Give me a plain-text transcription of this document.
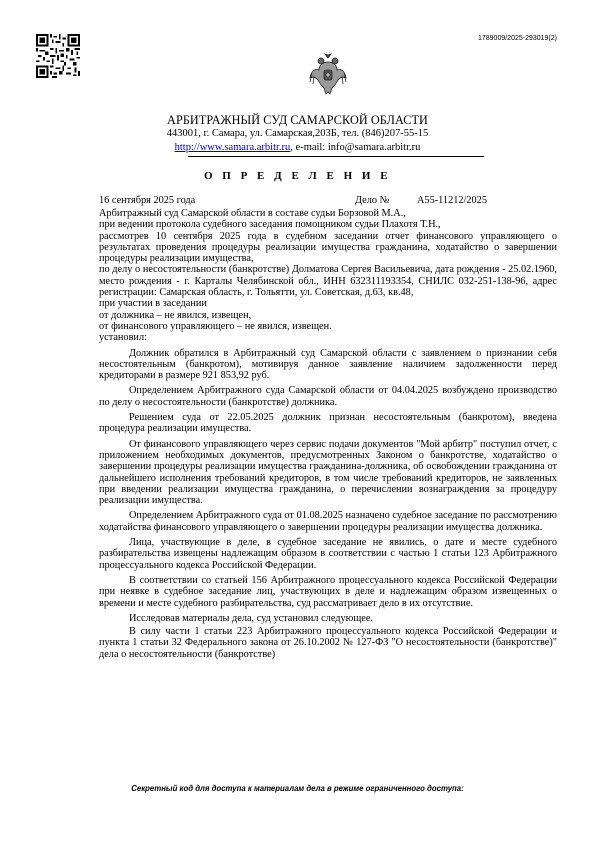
1789009/2025-293019(2)
АРБИТРАЖНЫЙ СУД САМАРСКОЙ ОБЛАСТИ
443001, г. Самара, ул. Самарская,203Б, тел. (846)207-55-15
http://www.samara.arbitr.ru, e-mail: info@samara.arbitr.ru
О П Р Е Д Е Л Е Н И Е
16 сентября 2025 года	Дело №	А55-11212/2025

Арбитражный суд Самарской области в составе судьи Борзовой М.А.,

при ведении протокола судебного заседания помощником судьи Плахотя Т.Н.,

рассмотрев 10 сентября 2025 года в судебном заседании отчет финансового управляющего о результатах проведения процедуры реализации имущества гражданина, ходатайство о завершении процедуры реализации имущества,

по делу о несостоятельности (банкротстве) Долматова Сергея Васильевича, дата рождения - 25.02.1960, место рождения - г. Карталы Челябинской обл., ИНН 632311193354, СНИЛС 032-251-138-96, адрес регистрации: Самарская область, г. Тольятти, ул. Советская, д.63, кв.48,

при участии в заседании

от должника – не явился, извещен,

от финансового управляющего – не явился, извещен.

установил:

Должник обратился в Арбитражный суд Самарской области с заявлением о признании себя несостоятельным (банкротом), мотивируя данное заявление наличием задолженности перед кредиторами в размере 921 853,92 руб.

Определением Арбитражного суда Самарской области от 04.04.2025 возбуждено производство по делу о несостоятельности (банкротстве) должника.

Решением суда от 22.05.2025 должник признан несостоятельным (банкротом), введена процедура реализации имущества.

От финансового управляющего через сервис подачи документов "Мой арбитр" поступил отчет, с приложением необходимых документов, предусмотренных Законом о банкротстве, ходатайство о завершении процедуры реализации имущества гражданина-должника, об освобождении гражданина от дальнейшего исполнения требований кредиторов, в том числе требований кредиторов, не заявленных при введении реализации имущества гражданина, о перечислении вознаграждения за процедуру реализации имущества.

Определением Арбитражного суда от 01.08.2025 назначено судебное заседание по рассмотрению ходатайства финансового управляющего о завершении процедуры реализации имущества должника.

Лица, участвующие в деле, в судебное заседание не явились, о дате и месте судебного разбирательства извещены надлежащим образом в соответствии с частью 1 статьи 123 Арбитражного процессуального кодекса Российской Федерации.

В соответствии со статьей 156 Арбитражного процессуального кодекса Российской Федерации при неявке в судебное заседание лиц, участвующих в деле и надлежащим образом извещенных о времени и месте судебного разбирательства, суд рассматривает дело в их отсутствие.

Исследовав материалы дела, суд установил следующее.

В силу части 1 статьи 223 Арбитражного процессуального кодекса Российской Федерации и пункта 1 статьи 32 Федерального закона от 26.10.2002 № 127-ФЗ "О несостоятельности (банкротстве)" дела о несостоятельности (банкротстве)

Секретный код для доступа к материалам дела в режиме ограниченного доступа:
